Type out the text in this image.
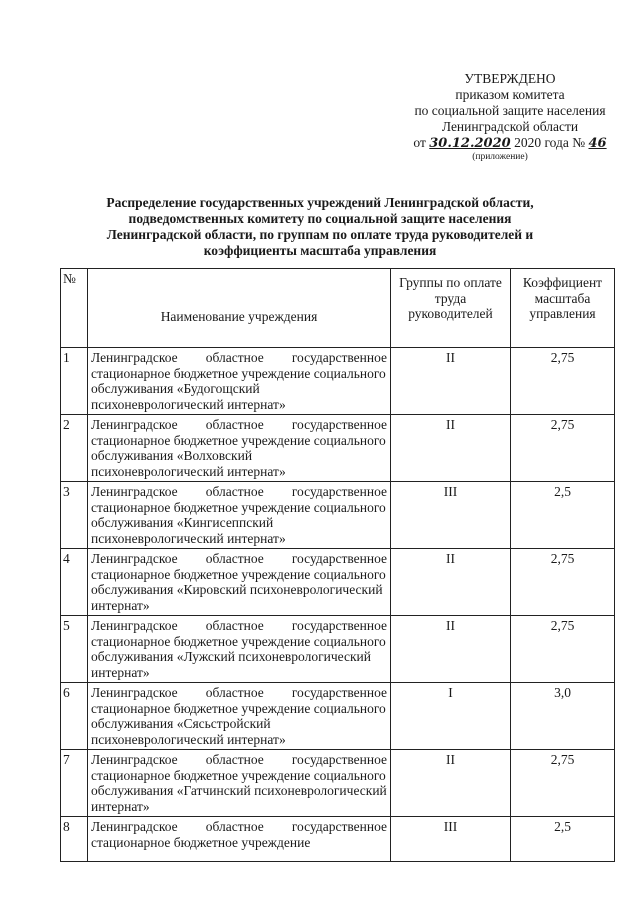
УТВЕРЖДЕНО
приказом комитета
по социальной защите населения
Ленинградской области
от 30.12.2020 2020 года № 46
(приложение)
Распределение государственных учреждений Ленинградской области, подведомственных комитету по социальной защите населения Ленинградской области, по группам по оплате труда руководителей и коэффициенты масштаба управления
№	Наименование учреждения	Группы по оплате труда руководителей	Коэффициент масштаба управления
1	Ленинградское областное государственное
стационарное бюджетное учреждение социального обслуживания «Будогощский психоневрологический интернат»	II	2,75
2	Ленинградское областное государственное
стационарное бюджетное учреждение социального обслуживания «Волховский психоневрологический интернат»	II	2,75
3	Ленинградское областное государственное
стационарное бюджетное учреждение социального обслуживания «Кингисеппский психоневрологический интернат»	III	2,5
4	Ленинградское областное государственное
стационарное бюджетное учреждение социального обслуживания «Кировский психоневрологический интернат»	II	2,75
5	Ленинградское областное государственное
стационарное бюджетное учреждение социального обслуживания «Лужский психоневрологический интернат»	II	2,75
6	Ленинградское областное государственное
стационарное бюджетное учреждение социального обслуживания «Сясьстройский психоневрологический интернат»	I	3,0
7	Ленинградское областное государственное
стационарное бюджетное учреждение социального обслуживания «Гатчинский психоневрологический интернат»	II	2,75
8	Ленинградское областное государственное
стационарное бюджетное учреждение	III	2,5
